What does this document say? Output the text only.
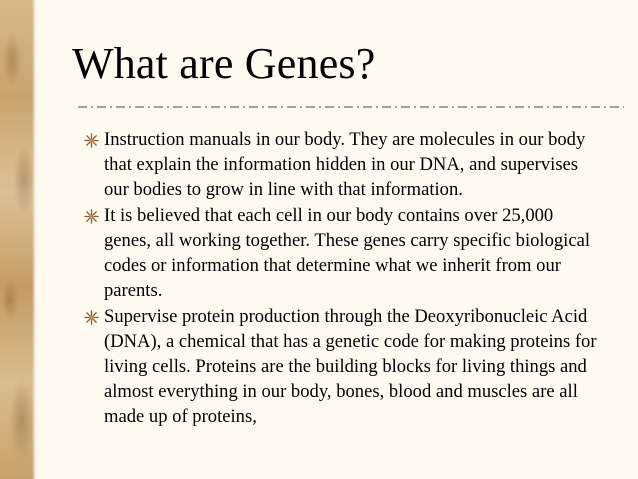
What are Genes?
Instruction manuals in our body. They are molecules in our body that explain the information hidden in our DNA, and supervises our bodies to grow in line with that information.
It is believed that each cell in our body contains over 25,000 genes, all working together. These genes carry specific biological codes or information that determine what we inherit from our parents.
Supervise protein production through the Deoxyribonucleic Acid (DNA), a chemical that has a genetic code for making proteins for living cells. Proteins are the building blocks for living things and almost everything in our body, bones, blood and muscles are all made up of proteins,
